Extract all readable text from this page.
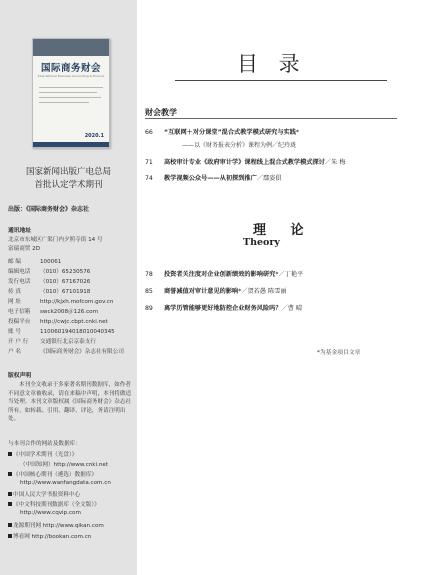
国际商务财会
International Business Accounting & Finance
2020.1
国家新闻出版广电总局
首批认定学术期刊
出版：《国际商务财会》杂志社
通讯地址
北京市东城区广渠门内夕照寺街 14 号
富瑞商贸 2D
邮 编	100061
编辑电话 （010）65230576
发行电话 （010）67167026
传 真	（010）67101918
网 址	http://kjxh.mofcom.gov.cn
电子信箱 swck2008＠126.com
投稿平台 http://cwjc.cbpt.cnki.net
账 号	110060194018010040345
开 户 行 交通银行北京京泰支行
户 名	《国际商务财会》杂志社有限公司
版权声明
本刊全文收录于多家著名期刊数据库，如作者不同意文章被收录，请在来稿中声明，本刊将做适当处理。本刊文章版权属《国际商务财会》杂志社所有，如转载、引用、翻译、评论，务请注明出处。
与本刊合作的网站及数据库：
《中国学术期刊（光盘）》
（中国知网）http://www.cnki.net
《中国核心期刊（遴选）数据库》
http://www.wanfangdata.com.cn
中国人民大学书报资料中心
《中文科技期刊数据库（全文版）》
http://www.cqvip.com
龙源期刊网 http://www.qikan.com
博看网 http://bookan.com.cn
目 录
财会教学
66 “互联网＋对分课堂”混合式教学模式研究与实践*
——以《财务报表分析》课程为例／纪玲珑
71 高校审计专业《政府审计学》课程线上混合式教学模式探讨／朱 梅
74 教学视频公众号——从初探到推广／鄢姿俱
理 论
Theory
78 投资者关注度对企业创新绩效的影响研究*／丁艳平
85 商誉减值对审计意见的影响*／贺若愚 陈雪丽
89 离学历管能够更好地防控企业财务风险吗？／曹 晴
*为基金项目文章
